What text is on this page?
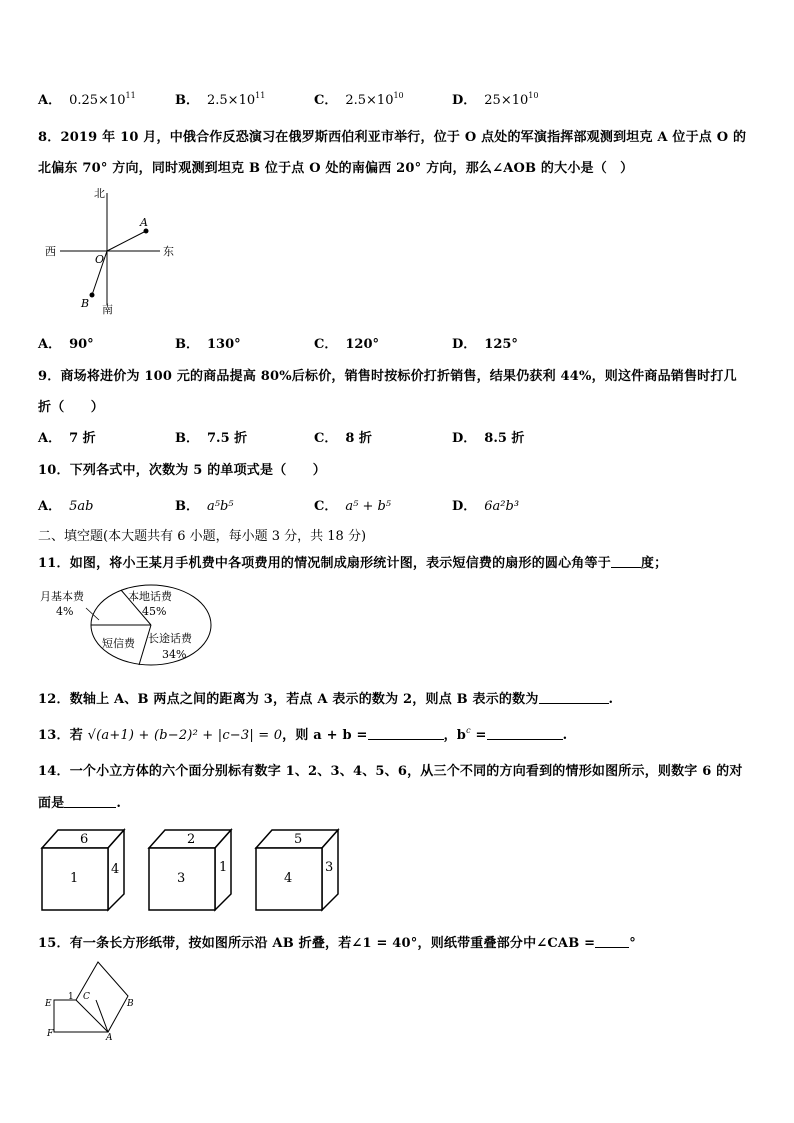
A． $0.25\times 10^{11}$	B． $2.5\times 10^{11}$	C． $2.5\times 10^{10}$	D． $25\times 10^{10}$
8．2019 年 10 月，中俄合作反恐演习在俄罗斯西伯利亚市举行，位于 O 点处的军演指挥部观测到坦克 A 位于点 O 的
北偏东 70° 方向，同时观测到坦克 B 位于点 O 处的南偏西 20° 方向，那么∠AOB 的大小是（　）
北
西	东
南
A
B
O
A． 90°	B． 130°	C． 120°	D． 125°
9．商场将进价为 100 元的商品提高 80%后标价，销售时按标价打折销售，结果仍获利 44%，则这件商品销售时打几
折（　　）
A． 7 折	B． 7.5 折	C． 8 折	D． 8.5 折
10．下列各式中，次数为 5 的单项式是（　　）
A． 5ab	B． a⁵b⁵	C． a⁵ + b⁵	D． 6a²b³
二、填空题(本大题共有 6 小题，每小题 3 分，共 18 分)
11．如图，将小王某月手机费中各项费用的情况制成扇形统计图，表示短信费的扇形的圆心角等于 度；
月基本费
4%
本地话费
45%
长途话费
34%
短信费
12．数轴上 A、B 两点之间的距离为 3，若点 A 表示的数为 2，则点 B 表示的数为	.
13．若 √(a+1) + (b−2)² + |c−3| = 0，则 a + b =	，$b^c$ =	.
14．一个小立方体的六个面分别标有数字 1、2、3、4、5、6，从三个不同的方向看到的情形如图所示，则数字 6 的对
面是	.
6
1
4
2
3
1
5
4
3
15．有一条长方形纸带，按如图所示沿 AB 折叠，若∠1 = 40°，则纸带重叠部分中∠CAB =	°
E
1 C
B
F	A
